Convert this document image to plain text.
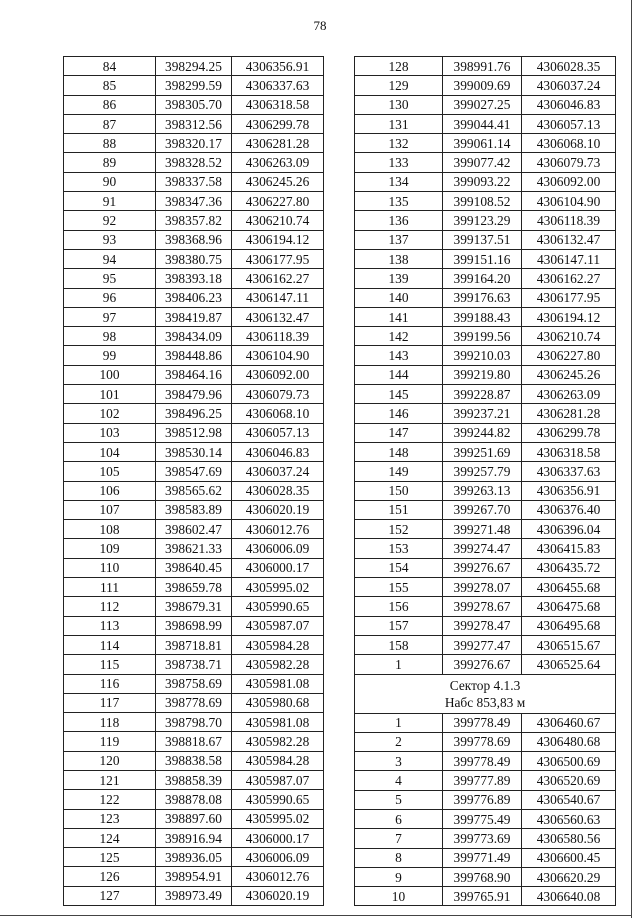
78
84	398294.25	4306356.91
85	398299.59	4306337.63
86	398305.70	4306318.58
87	398312.56	4306299.78
88	398320.17	4306281.28
89	398328.52	4306263.09
90	398337.58	4306245.26
91	398347.36	4306227.80
92	398357.82	4306210.74
93	398368.96	4306194.12
94	398380.75	4306177.95
95	398393.18	4306162.27
96	398406.23	4306147.11
97	398419.87	4306132.47
98	398434.09	4306118.39
99	398448.86	4306104.90
100	398464.16	4306092.00
101	398479.96	4306079.73
102	398496.25	4306068.10
103	398512.98	4306057.13
104	398530.14	4306046.83
105	398547.69	4306037.24
106	398565.62	4306028.35
107	398583.89	4306020.19
108	398602.47	4306012.76
109	398621.33	4306006.09
110	398640.45	4306000.17
111	398659.78	4305995.02
112	398679.31	4305990.65
113	398698.99	4305987.07
114	398718.81	4305984.28
115	398738.71	4305982.28
116	398758.69	4305981.08
117	398778.69	4305980.68
118	398798.70	4305981.08
119	398818.67	4305982.28
120	398838.58	4305984.28
121	398858.39	4305987.07
122	398878.08	4305990.65
123	398897.60	4305995.02
124	398916.94	4306000.17
125	398936.05	4306006.09
126	398954.91	4306012.76
127	398973.49	4306020.19
128	398991.76	4306028.35
129	399009.69	4306037.24
130	399027.25	4306046.83
131	399044.41	4306057.13
132	399061.14	4306068.10
133	399077.42	4306079.73
134	399093.22	4306092.00
135	399108.52	4306104.90
136	399123.29	4306118.39
137	399137.51	4306132.47
138	399151.16	4306147.11
139	399164.20	4306162.27
140	399176.63	4306177.95
141	399188.43	4306194.12
142	399199.56	4306210.74
143	399210.03	4306227.80
144	399219.80	4306245.26
145	399228.87	4306263.09
146	399237.21	4306281.28
147	399244.82	4306299.78
148	399251.69	4306318.58
149	399257.79	4306337.63
150	399263.13	4306356.91
151	399267.70	4306376.40
152	399271.48	4306396.04
153	399274.47	4306415.83
154	399276.67	4306435.72
155	399278.07	4306455.68
156	399278.67	4306475.68
157	399278.47	4306495.68
158	399277.47	4306515.67
1	399276.67	4306525.64

Сектор 4.1.3
Набс 853,83 м		

1	399778.49	4306460.67
2	399778.69	4306480.68
3	399778.49	4306500.69
4	399777.89	4306520.69
5	399776.89	4306540.67
6	399775.49	4306560.63
7	399773.69	4306580.56
8	399771.49	4306600.45
9	399768.90	4306620.29
10	399765.91	4306640.08
